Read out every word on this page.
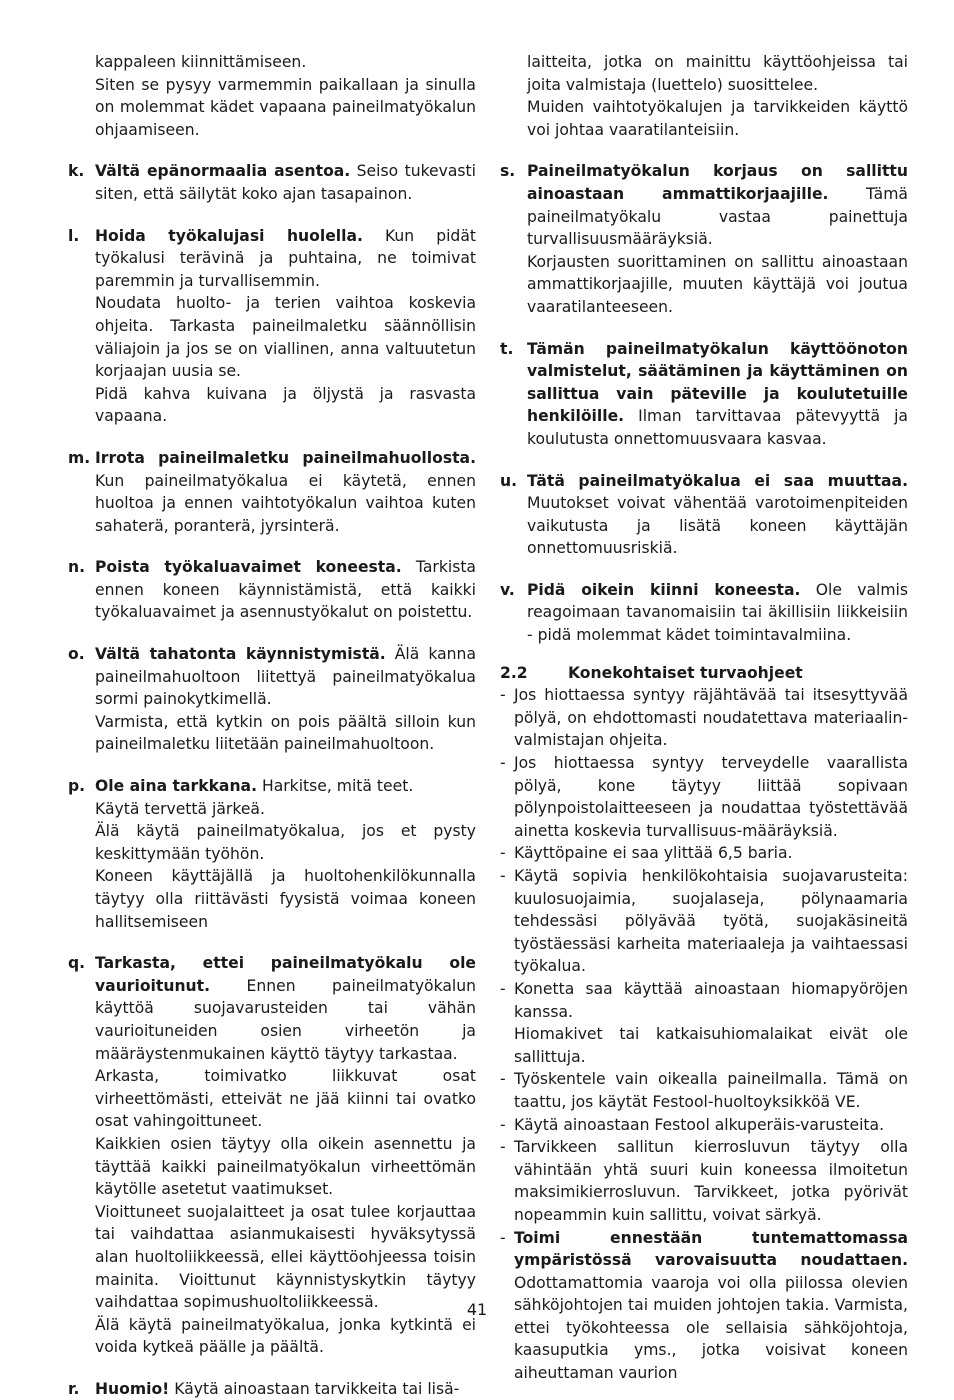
kappaleen kiinnittämiseen.

Siten se pysyy varmemmin paikallaan ja sinulla on molemmat kädet vapaana paineilmatyökalun ohjaamiseen.

k. Vältä epänormaalia asentoa. Seiso tukevasti siten, että säilytät koko ajan tasapainon.

l. Hoida työkalujasi huolella. Kun pidät työkalusi terävinä ja puhtaina, ne toimivat paremmin ja turvallisemmin.

Noudata huolto- ja terien vaihtoa koskevia ohjeita. Tarkasta paineilmaletku säännöllisin väliajoin ja jos se on viallinen, anna valtuutetun korjaajan uusia se.

Pidä kahva kuivana ja öljystä ja rasvasta vapaana.

m. Irrota paineilmaletku paineilmahuollosta. Kun paineilmatyökalua ei käytetä, ennen huoltoa ja ennen vaihtotyökalun vaihtoa kuten sahaterä, poranterä, jyrsinterä.

n. Poista työkaluavaimet koneesta. Tarkista ennen koneen käynnistämistä, että kaikki työkaluavaimet ja asennustyökalut on poistettu.

o. Vältä tahatonta käynnistymistä. Älä kanna paineilmahuoltoon liitettyä paineilmatyökalua sormi painokytkimellä.

Varmista, että kytkin on pois päältä silloin kun paineilmaletku liitetään paineilmahuoltoon.

p. Ole aina tarkkana. Harkitse, mitä teet.

Käytä tervettä järkeä.

Älä käytä paineilmatyökalua, jos et pysty keskittymään työhön.

Koneen käyttäjällä ja huoltohenkilökunnalla täytyy olla riittävästi fyysistä voimaa koneen hallitsemiseen

q. Tarkasta, ettei paineilmatyökalu ole vaurioitunut. Ennen paineilmatyökalun käyttöä suojavarusteiden tai vähän vaurioituneiden osien virheetön ja määräystenmukainen käyttö täytyy tarkastaa.

Arkasta, toimivatko liikkuvat osat virheettömästi, etteivät ne jää kiinni tai ovatko osat vahingoittuneet.

Kaikkien osien täytyy olla oikein asennettu ja täyttää kaikki paineilmatyökalun virheettömän käytölle asetetut vaatimukset.

Vioittuneet suojalaitteet ja osat tulee korjauttaa tai vaihdattaa asianmukaisesti hyväksytyssä alan huoltoliikkeessä, ellei käyttöohjeessa toisin mainita. Vioittunut käynnistyskytkin täytyy vaihdattaa sopimushuoltoliikkeessä.

Älä käytä paineilmatyökalua, jonka kytkintä ei voida kytkeä päälle ja päältä.

r. Huomio! Käytä ainoastaan tarvikkeita tai lisä-

laitteita, jotka on mainittu käyttöohjeissa tai joita valmistaja (luettelo) suosittelee.

Muiden vaihtotyökalujen ja tarvikkeiden käyttö voi johtaa vaaratilanteisiin.

s. Paineilmatyökalun korjaus on sallittu ainoastaan ammattikorjaajille. Tämä paineilmatyökalu vastaa painettuja turvallisuusmääräyksiä.

Korjausten suorittaminen on sallittu ainoastaan ammattikorjaajille, muuten käyttäjä voi joutua vaaratilanteeseen.

t. Tämän paineilmatyökalun käyttöönoton valmistelut, säätäminen ja käyttäminen on sallittua vain päteville ja koulutetuille henkilöille. Ilman tarvittavaa pätevyyttä ja koulutusta onnettomuusvaara kasvaa.

u. Tätä paineilmatyökalua ei saa muuttaa. Muutokset voivat vähentää varotoimenpiteiden vaikutusta ja lisätä koneen käyttäjän onnettomuusriskiä.

v. Pidä oikein kiinni koneesta. Ole valmis reagoimaan tavanomaisiin tai äkillisiin liikkeisiin - pidä molemmat kädet toimintavalmiina.

2.2	Konekohtaiset turvaohjeet
- Jos hiottaessa syntyy räjähtävää tai itsesyttyvää pölyä, on ehdottomasti noudatettava materiaalin-valmistajan ohjeita.

- Jos hiottaessa syntyy terveydelle vaarallista pölyä, kone täytyy liittää sopivaan pölynpoistolaitteeseen ja noudattaa työstettävää ainetta koskevia turvallisuus-määräyksiä.

- Käyttöpaine ei saa ylittää 6,5 baria.

- Käytä sopivia henkilökohtaisia suojavarusteita: kuulosuojaimia, suojalaseja, pölynaamaria tehdessäsi pölyävää työtä, suojakäsineitä työstäessäsi karheita materiaaleja ja vaihtaessasi työkalua.

- Konetta saa käyttää ainoastaan hiomapyöröjen kanssa.

Hiomakivet tai katkaisuhiomalaikat eivät ole sallittuja.

- Työskentele vain oikealla paineilmalla. Tämä on taattu, jos käytät Festool-huoltoyksikköä VE.

- Käytä ainoastaan Festool alkuperäis-varusteita.

- Tarvikkeen sallitun kierrosluvun täytyy olla vähintään yhtä suuri kuin koneessa ilmoitetun maksimikierrosluvun. Tarvikkeet, jotka pyörivät nopeammin kuin sallittu, voivat särkyä.

- Toimi ennestään tuntemattomassa ympäristössä varovaisuutta noudattaen. Odottamattomia vaaroja voi olla piilossa olevien sähköjohtojen tai muiden johtojen takia. Varmista, ettei työkohteessa ole sellaisia sähköjohtoja, kaasuputkia yms., jotka voisivat koneen aiheuttaman vaurion

41
